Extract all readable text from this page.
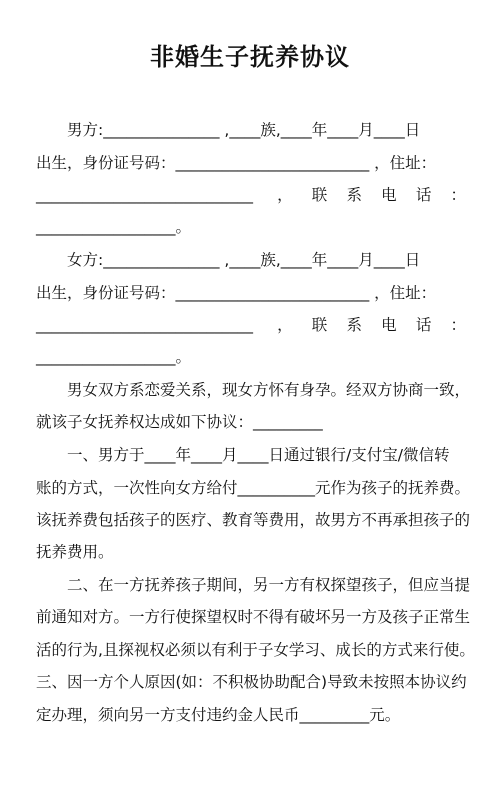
非婚生子抚养协议
男方:_______________ ,____族,____年____月____日
出生，身份证号码：_________________________ ，住址：
____________________________ ，联系电话：
__________________。
女方:_______________ ,____族,____年____月____日
出生，身份证号码：_________________________ ，住址：
____________________________ ，联系电话：
__________________。
男女双方系恋爱关系，现女方怀有身孕。经双方协商一致，
就该子女抚养权达成如下协议：_________
一、男方于____年____月____日通过银行/支付宝/微信转
账的方式，一次性向女方给付__________元作为孩子的抚养费。
该抚养费包括孩子的医疗、教育等费用，故男方不再承担孩子的
抚养费用。
二、在一方抚养孩子期间，另一方有权探望孩子，但应当提
前通知对方。一方行使探望权时不得有破坏另一方及孩子正常生
活的行为,且探视权必须以有利于子女学习、成长的方式来行使。
三、因一方个人原因(如：不积极协助配合)导致未按照本协议约
定办理，须向另一方支付违约金人民币_________元。
